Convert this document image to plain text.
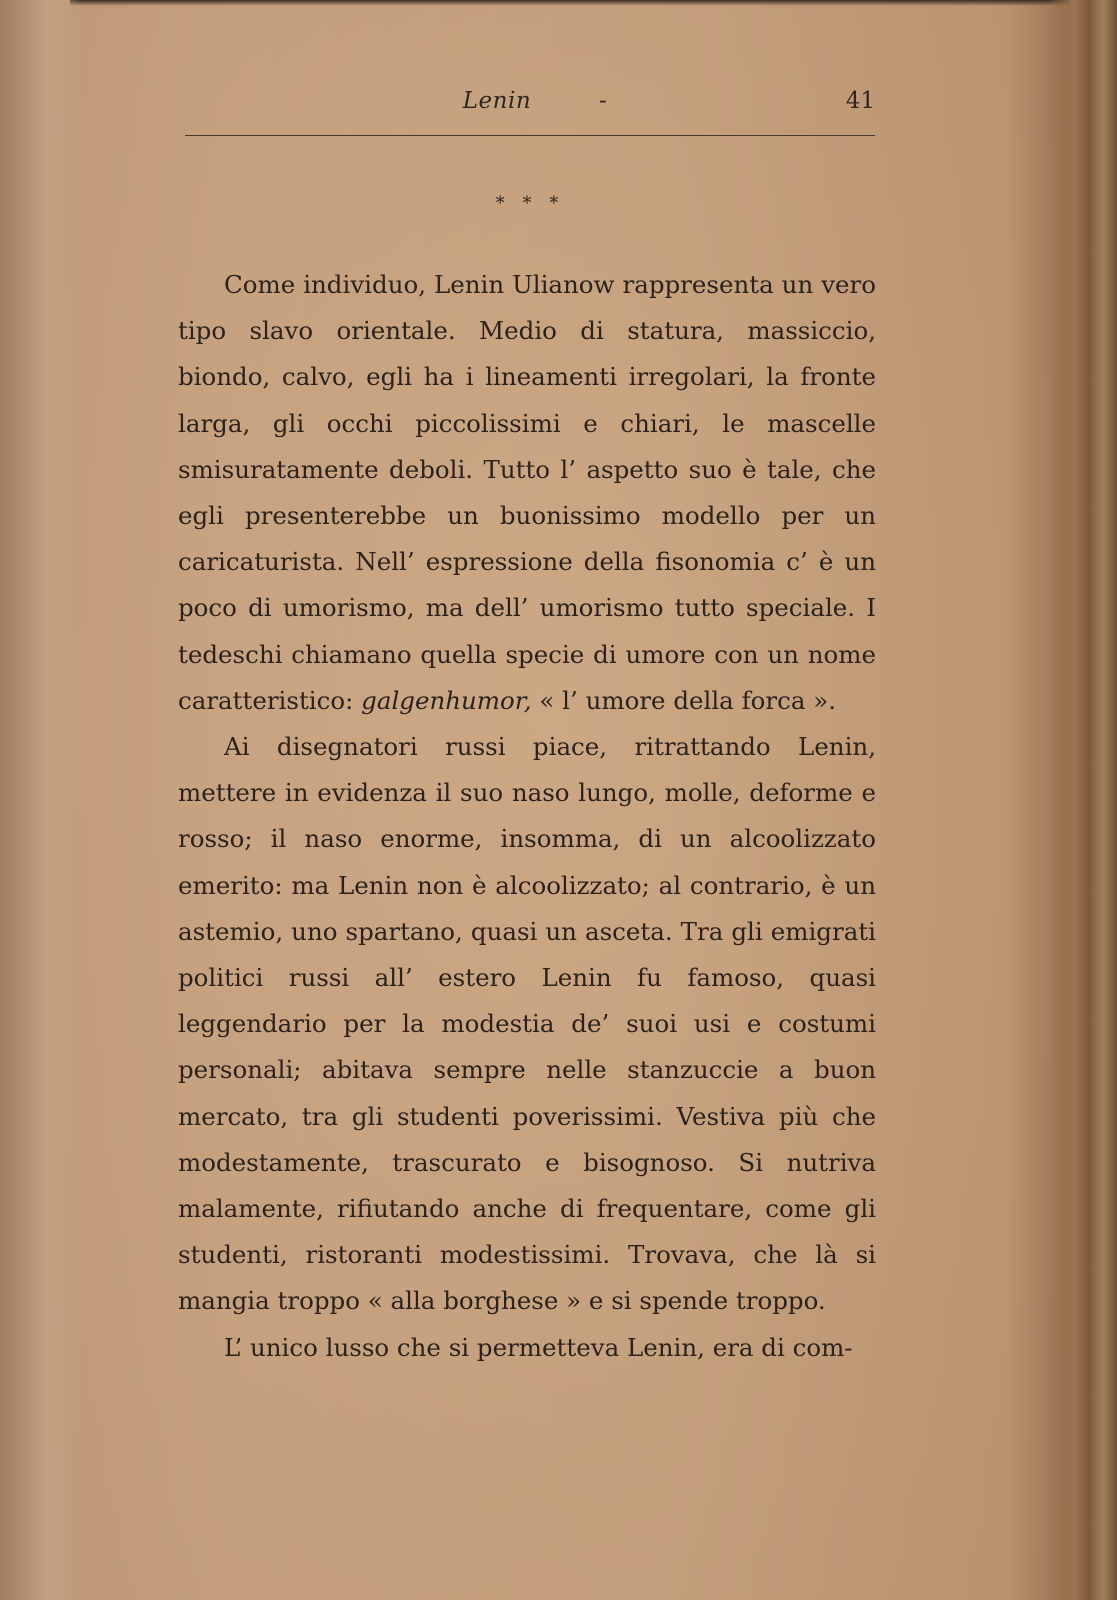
Lenin	-	41
* * *

Come individuo, Lenin Ulianow rappresenta un vero tipo slavo orientale. Medio di statura, massiccio, biondo, calvo, egli ha i lineamenti irregolari, la fronte larga, gli occhi piccolissimi e chiari, le mascelle smisuratamente deboli. Tutto l’ aspetto suo è tale, che egli presenterebbe un buonissimo modello per un caricaturista. Nell’ espressione della fisonomia c’ è un poco di umorismo, ma dell’ umorismo tutto speciale. I tedeschi chiamano quella specie di umore con un nome caratteristico: galgenhumor, « l’ umore della forca ».

Ai disegnatori russi piace, ritrattando Lenin, mettere in evidenza il suo naso lungo, molle, deforme e rosso; il naso enorme, insomma, di un alcoolizzato emerito: ma Lenin non è alcoolizzato; al contrario, è un astemio, uno spartano, quasi un asceta. Tra gli emigrati politici russi all’ estero Lenin fu famoso, quasi leggendario per la modestia de’ suoi usi e costumi personali; abitava sempre nelle stanzuccie a buon mercato, tra gli studenti poverissimi. Vestiva più che modestamente, trascurato e bisognoso. Si nutriva malamente, rifiutando anche di frequentare, come gli studenti, ristoranti modestissimi. Trovava, che là si mangia troppo « alla borghese » e si spende troppo.

L’ unico lusso che si permetteva Lenin, era di com-
